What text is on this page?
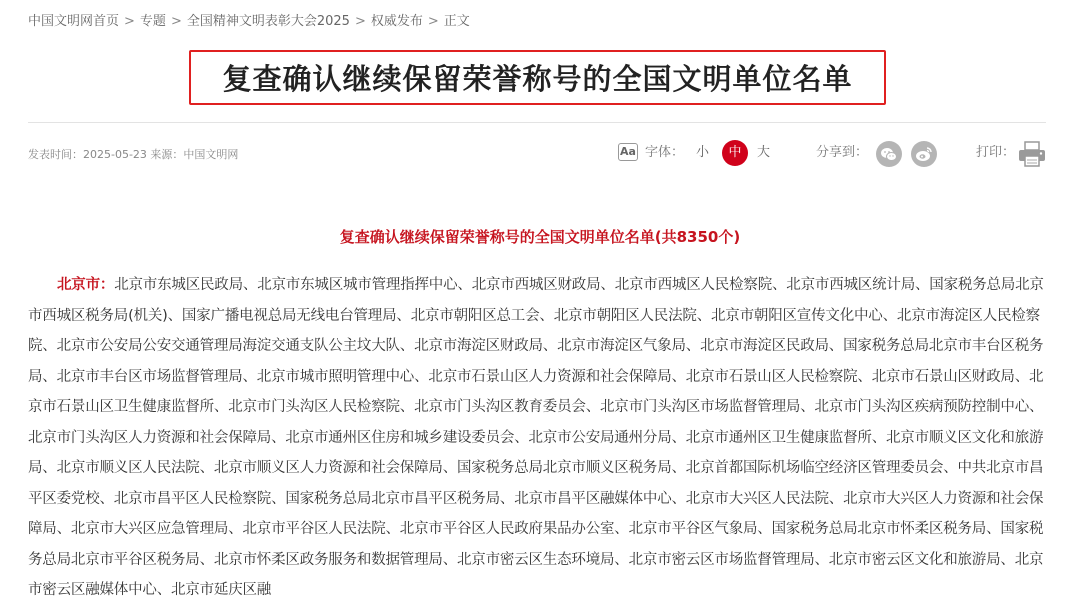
中国文明网首页 > 专题 > 全国精神文明表彰大会2025 > 权威发布 > 正文
复查确认继续保留荣誉称号的全国文明单位名单
发表时间：2025-05-23 来源：中国文明网	Aa 字体： 小	中	大	分享到：	打印：
复查确认继续保留荣誉称号的全国文明单位名单(共8350个)
北京市：北京市东城区民政局、北京市东城区城市管理指挥中心、北京市西城区财政局、北京市西城区人民检察院、北京市西城区统计局、国家税务总局北京市西城区税务局(机关)、国家广播电视总局无线电台管理局、北京市朝阳区总工会、北京市朝阳区人民法院、北京市朝阳区宣传文化中心、北京市海淀区人民检察院、北京市公安局公安交通管理局海淀交通支队公主坟大队、北京市海淀区财政局、北京市海淀区气象局、北京市海淀区民政局、国家税务总局北京市丰台区税务局、北京市丰台区市场监督管理局、北京市城市照明管理中心、北京市石景山区人力资源和社会保障局、北京市石景山区人民检察院、北京市石景山区财政局、北京市石景山区卫生健康监督所、北京市门头沟区人民检察院、北京市门头沟区教育委员会、北京市门头沟区市场监督管理局、北京市门头沟区疾病预防控制中心、北京市门头沟区人力资源和社会保障局、北京市通州区住房和城乡建设委员会、北京市公安局通州分局、北京市通州区卫生健康监督所、北京市顺义区文化和旅游局、北京市顺义区人民法院、北京市顺义区人力资源和社会保障局、国家税务总局北京市顺义区税务局、北京首都国际机场临空经济区管理委员会、中共北京市昌平区委党校、北京市昌平区人民检察院、国家税务总局北京市昌平区税务局、北京市昌平区融媒体中心、北京市大兴区人民法院、北京市大兴区人力资源和社会保障局、北京市大兴区应急管理局、北京市平谷区人民法院、北京市平谷区人民政府果品办公室、北京市平谷区气象局、国家税务总局北京市怀柔区税务局、国家税务总局北京市平谷区税务局、北京市怀柔区政务服务和数据管理局、北京市密云区生态环境局、北京市密云区市场监督管理局、北京市密云区文化和旅游局、北京市密云区融媒体中心、北京市延庆区融
